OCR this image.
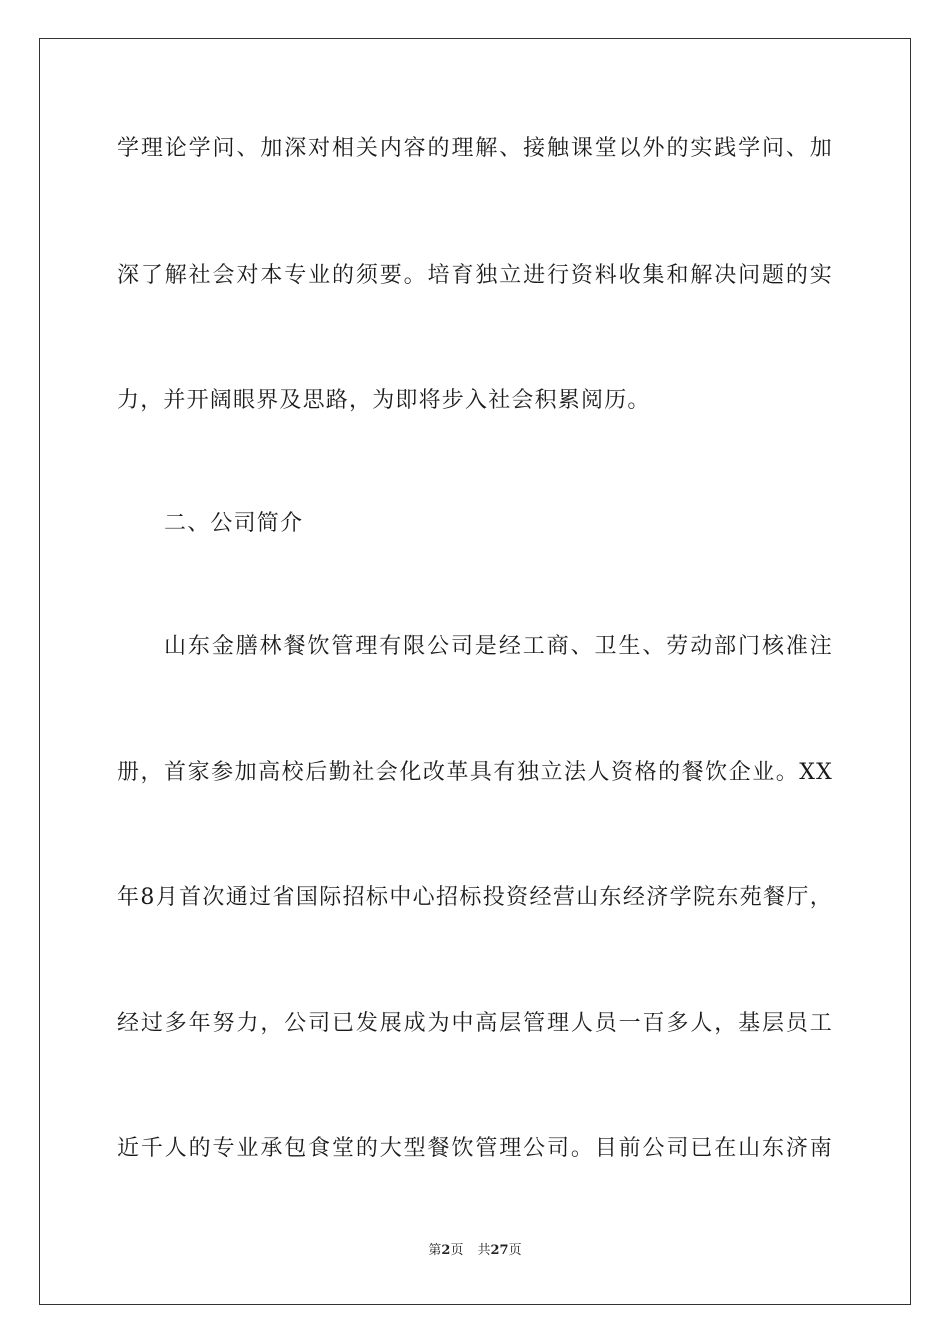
学理论学问、加深对相关内容的理解、接触课堂以外的实践学问、加
深了解社会对本专业的须要。培育独立进行资料收集和解决问题的实
力，并开阔眼界及思路，为即将步入社会积累阅历。
二、公司简介
山东金膳林餐饮管理有限公司是经工商、卫生、劳动部门核准注
册，首家参加高校后勤社会化改革具有独立法人资格的餐饮企业。XX
年8月首次通过省国际招标中心招标投资经营山东经济学院东苑餐厅，
经过多年努力，公司已发展成为中高层管理人员一百多人，基层员工
近千人的专业承包食堂的大型餐饮管理公司。目前公司已在山东济南
第2页 共27页
